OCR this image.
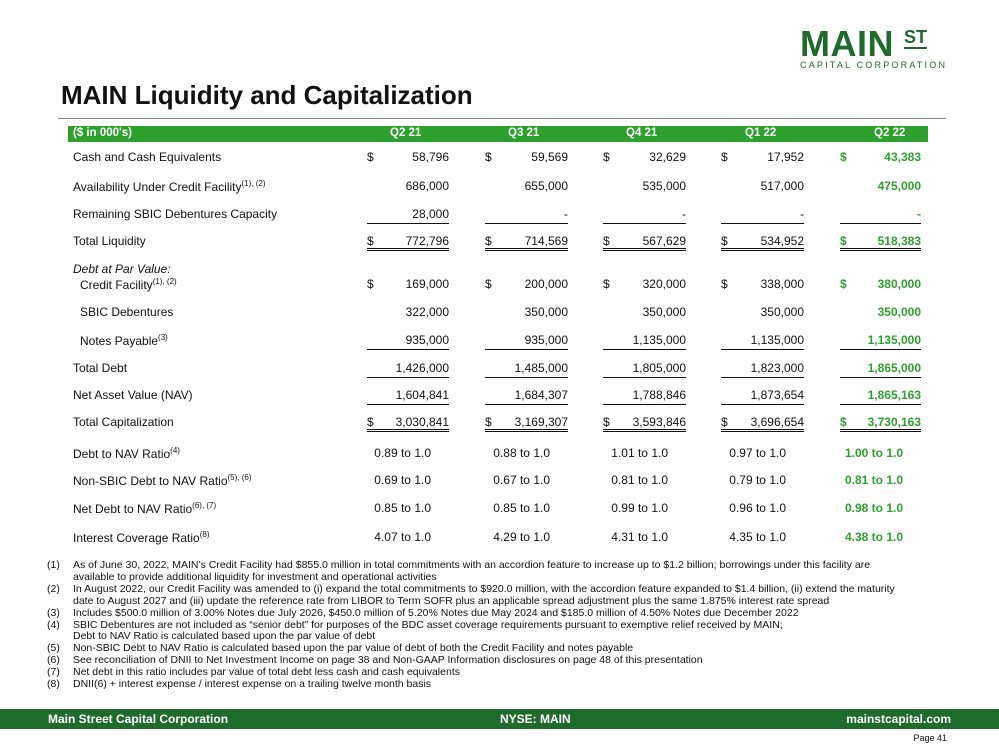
MAIN ST
CAPITAL CORPORATION
MAIN Liquidity and Capitalization
($ in 000's)	Q2 21	Q3 21	Q4 21	Q1 22	Q2 22
Cash and Cash Equivalents	$	58,796	$	59,569	$	32,629	$	17,952	$	43,383
Availability Under Credit Facility$^{(1), (2)}$	686,000	655,000	535,000	517,000	475,000
Remaining SBIC Debentures Capacity	28,000	-	-	-	-
Total Liquidity	$	772,796	$	714,569	$	567,629	$	534,952	$	518,383
Debt at Par Value:
Credit Facility$^{(1), (2)}$	$	169,000	$	200,000	$	320,000	$	338,000	$	380,000
SBIC Debentures	322,000	350,000	350,000	350,000	350,000
Notes Payable$^{(3)}$	935,000	935,000	1,135,000	1,135,000	1,135,000
Total Debt	1,426,000	1,485,000	1,805,000	1,823,000	1,865,000
Net Asset Value (NAV)	1,604,841	1,684,307	1,788,846	1,873,654	1,865,163
Total Capitalization	$ 3,030,841	$ 3,169,307	$ 3,593,846	$ 3,696,654	$ 3,730,163
Debt to NAV Ratio$^{(4)}$	0.89 to 1.0	0.88 to 1.0	1.01 to 1.0	0.97 to 1.0	1.00 to 1.0
Non-SBIC Debt to NAV Ratio$^{(5), (6)}$	0.69 to 1.0	0.67 to 1.0	0.81 to 1.0	0.79 to 1.0	0.81 to 1.0
Net Debt to NAV Ratio$^{(6), (7)}$	0.85 to 1.0	0.85 to 1.0	0.99 to 1.0	0.96 to 1.0	0.98 to 1.0
Interest Coverage Ratio$^{(8)}$	4.07 to 1.0	4.29 to 1.0	4.31 to 1.0	4.35 to 1.0	4.38 to 1.0
(1) As of June 30, 2022, MAIN’s Credit Facility had $855.0 million in total commitments with an accordion feature to increase up to $1.2 billion; borrowings under this facility are
available to provide additional liquidity for investment and operational activities
(2) In August 2022, our Credit Facility was amended to (i) expand the total commitments to $920.0 million, with the accordion feature expanded to $1.4 billion, (ii) extend the maturity
date to August 2027 and (iii) update the reference rate from LIBOR to Term SOFR plus an applicable spread adjustment plus the same 1.875% interest rate spread
(3) Includes $500.0 million of 3.00% Notes due July 2026, $450.0 million of 5.20% Notes due May 2024 and $185.0 million of 4.50% Notes due December 2022
(4) SBIC Debentures are not included as “senior debt” for purposes of the BDC asset coverage requirements pursuant to exemptive relief received by MAIN;
Debt to NAV Ratio is calculated based upon the par value of debt
(5) Non-SBIC Debt to NAV Ratio is calculated based upon the par value of debt of both the Credit Facility and notes payable
(6) See reconciliation of DNII to Net Investment Income on page 38 and Non-GAAP Information disclosures on page 48 of this presentation
(7) Net debt in this ratio includes par value of total debt less cash and cash equivalents
(8) DNII(6) + interest expense / interest expense on a trailing twelve month basis
Main Street Capital Corporation	NYSE: MAIN	mainstcapital.com
Page 41
